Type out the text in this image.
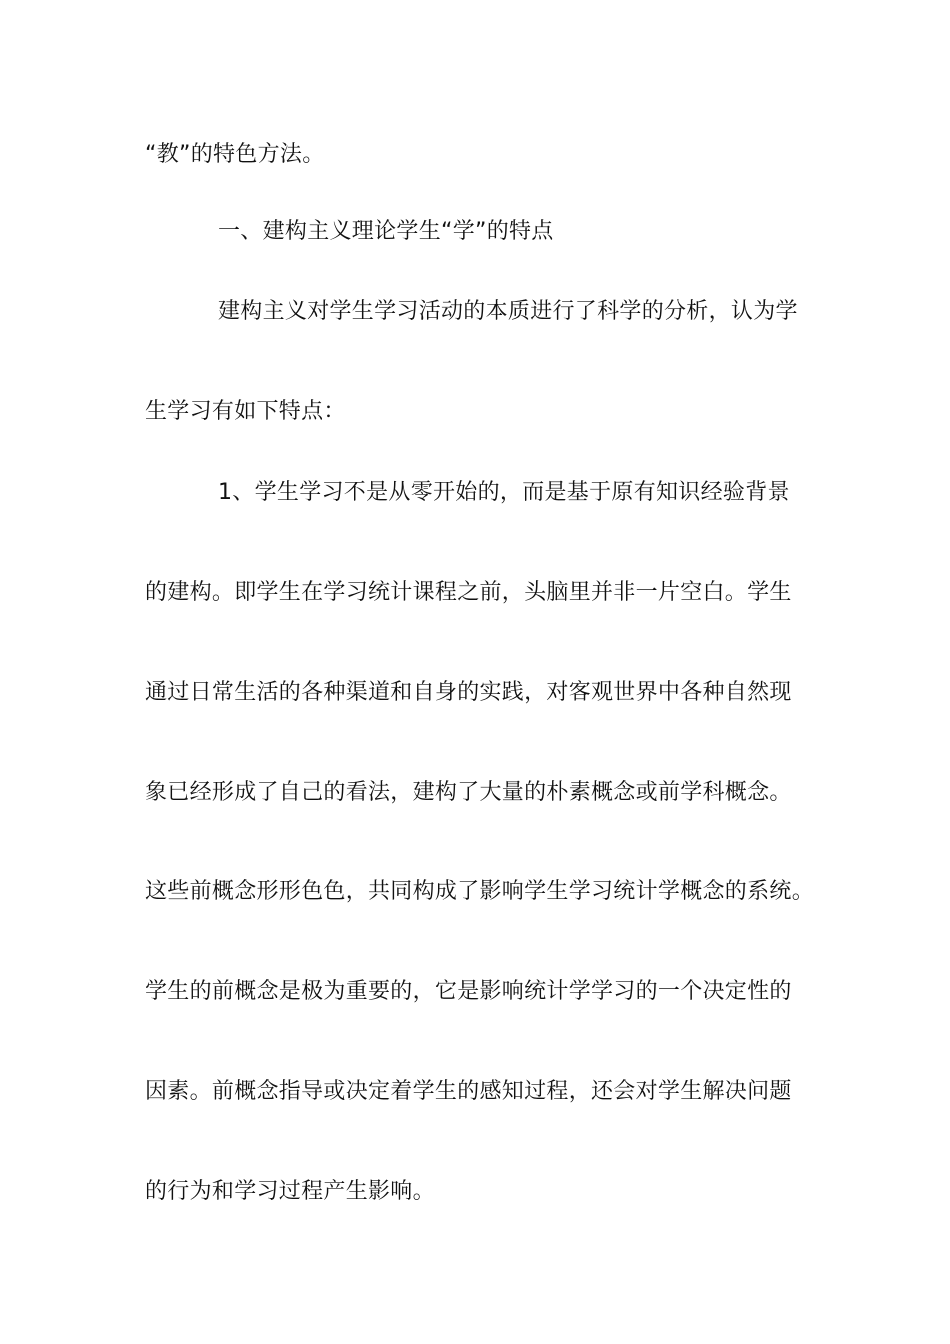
“教”的特色方法。
一、建构主义理论学生“学”的特点
建构主义对学生学习活动的本质进行了科学的分析，认为学
生学习有如下特点：
1、学生学习不是从零开始的，而是基于原有知识经验背景
的建构。即学生在学习统计课程之前，头脑里并非一片空白。学生
通过日常生活的各种渠道和自身的实践，对客观世界中各种自然现
象已经形成了自己的看法，建构了大量的朴素概念或前学科概念。
这些前概念形形色色，共同构成了影响学生学习统计学概念的系统。
学生的前概念是极为重要的，它是影响统计学学习的一个决定性的
因素。前概念指导或决定着学生的感知过程，还会对学生解决问题
的行为和学习过程产生影响。
